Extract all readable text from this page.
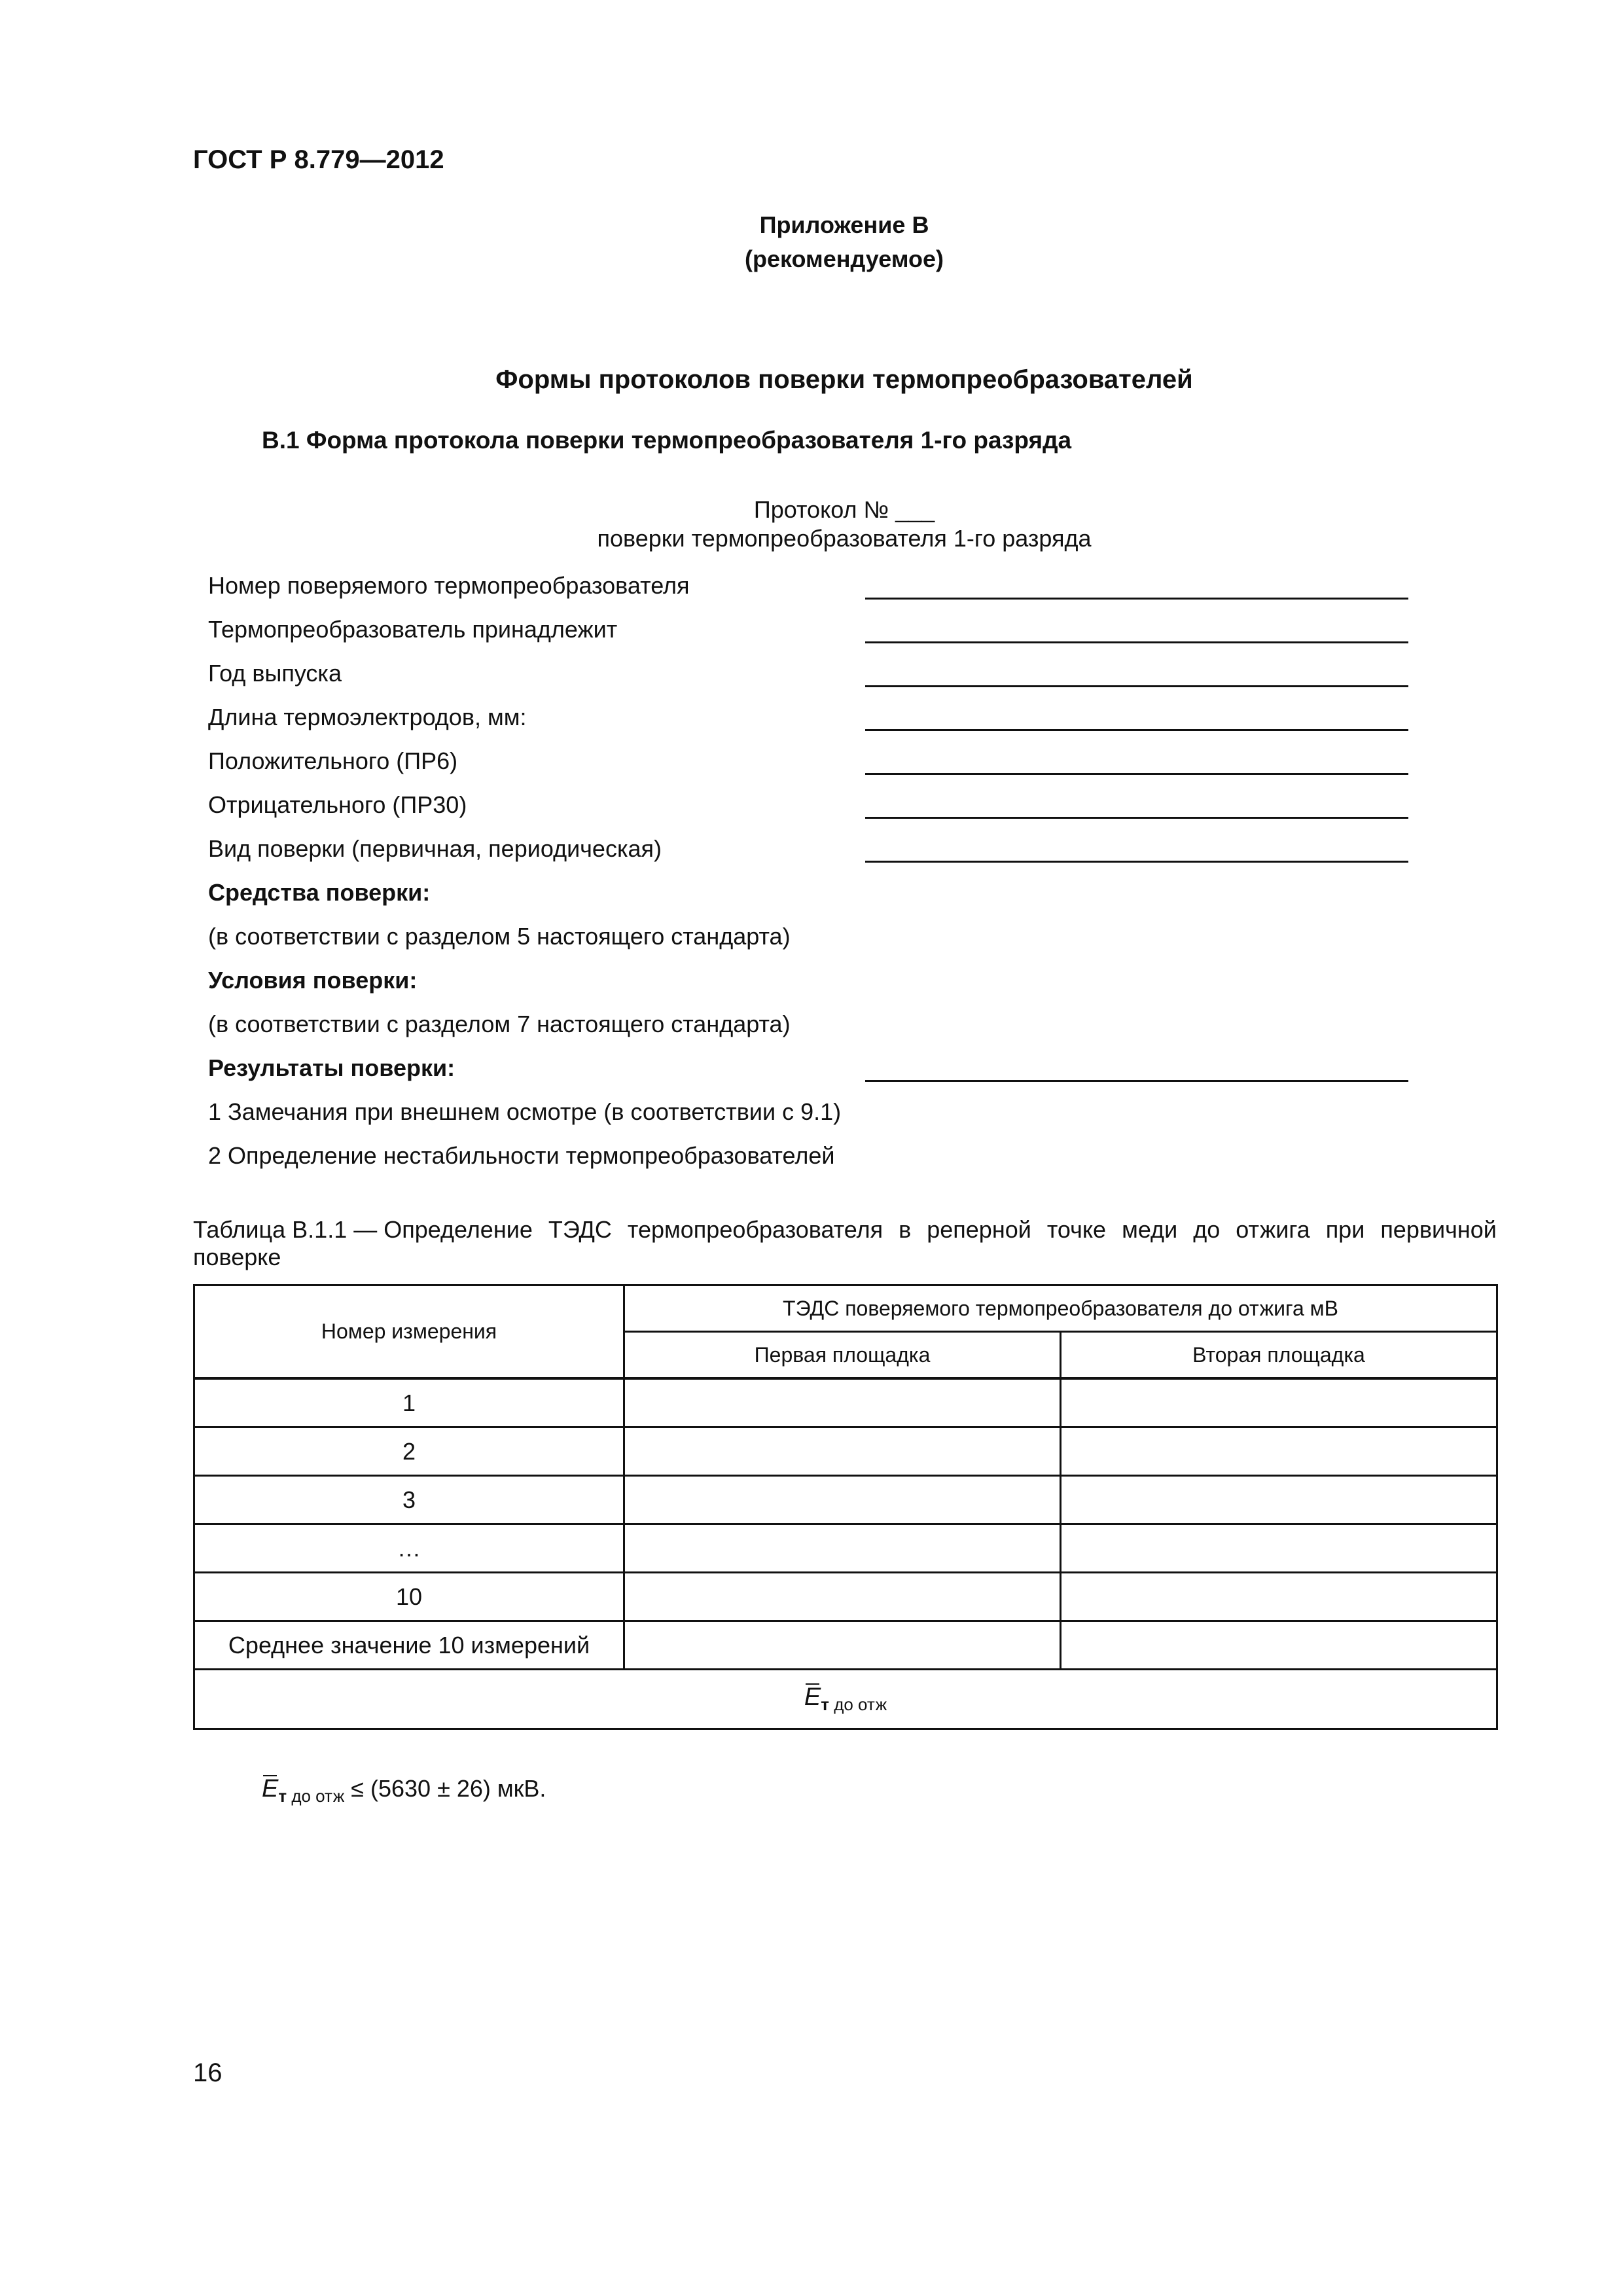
ГОСТ Р 8.779—2012
Приложение В
(рекомендуемое)
Формы протоколов поверки термопреобразователей
В.1 Форма протокола поверки термопреобразователя 1-го разряда
Протокол № ___
поверки термопреобразователя 1-го разряда
Номер поверяемого термопреобразователя
Термопреобразователь принадлежит
Год выпуска
Длина термоэлектродов, мм:
Положительного (ПР6)
Отрицательного (ПР30)
Вид поверки (первичная, периодическая)
Средства поверки:
(в соответствии с разделом 5 настоящего стандарта)
Условия поверки:
(в соответствии с разделом 7 настоящего стандарта)
Результаты поверки:
1 Замечания при внешнем осмотре (в соответствии с 9.1)
2 Определение нестабильности термопреобразователей
Таблица В.1.1 — Определение ТЭДС термопреобразователя в реперной точке меди до отжига при первичной
поверке
Номер измерения	ТЭДС поверяемого термопреобразователя до отжига мВ	
	Первая площадка	Вторая площадка
1		
2		
3		
…		
10		
Среднее значение 10 измерений		
$E_{т до отж}$
$E_{т до отж} \le (5630 \pm 26)$ мкВ.
16
